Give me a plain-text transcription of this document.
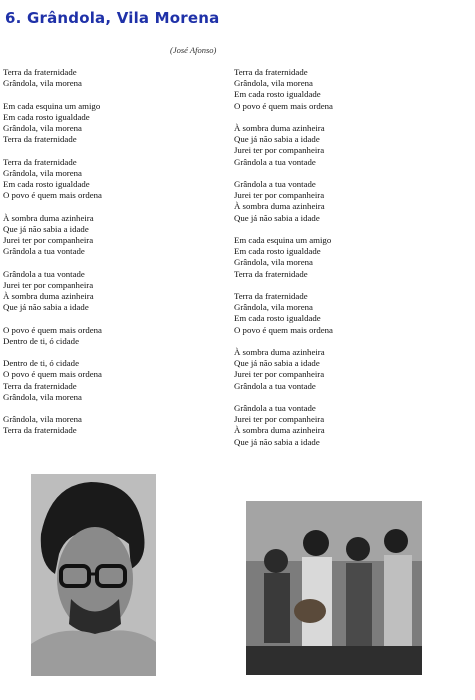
6. Grândola, Vila Morena
(José Afonso)
Terra da fraternidade
Grândola, vila morena
Em cada esquina um amigo
Em cada rosto igualdade
Grândola, vila morena
Terra da fraternidade
Terra da fraternidade
Grândola, vila morena
Em cada rosto igualdade
O povo é quem mais ordena
À sombra duma azinheira
Que já não sabia a idade
Jurei ter por companheira
Grândola a tua vontade
Grândola a tua vontade
Jurei ter por companheira
À sombra duma azinheira
Que já não sabia a idade
O povo é quem mais ordena
Dentro de ti, ó cidade
Dentro de ti, ó cidade
O povo é quem mais ordena
Terra da fraternidade
Grândola, vila morena
Grândola, vila morena
Terra da fraternidade
Terra da fraternidade
Grândola, vila morena
Em cada rosto igualdade
O povo é quem mais ordena
À sombra duma azinheira
Que já não sabia a idade
Jurei ter por companheira
Grândola a tua vontade
Grândola a tua vontade
Jurei ter por companheira
À sombra duma azinheira
Que já não sabia a idade
Em cada esquina um amigo
Em cada rosto igualdade
Grândola, vila morena
Terra da fraternidade
Terra da fraternidade
Grândola, vila morena
Em cada rosto igualdade
O povo é quem mais ordena
À sombra duma azinheira
Que já não sabia a idade
Jurei ter por companheira
Grândola a tua vontade
Grândola a tua vontade
Jurei ter por companheira
À sombra duma azinheira
Que já não sabia a idade
